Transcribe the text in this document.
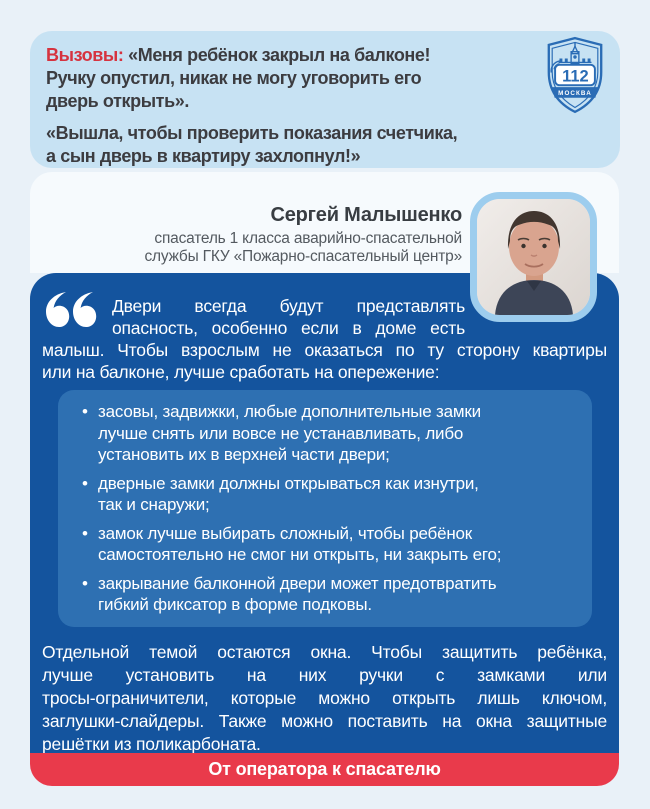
Вызовы: «Меня ребёнок закрыл на балконе!
Ручку опустил, никак не могу уговорить его
дверь открыть».

«Вышла, чтобы проверить показания счетчика,
а сын дверь в квартиру захлопнул!»

112
МОСКВА
Сергей Малышенко
спасатель 1 класса аварийно-спасательной
службы ГКУ «Пожарно-спасательный центр»
Двери всегда будут представлять
опасность, особенно если в доме есть
малыш. Чтобы взрослым не оказаться по ту сторону квартиры
или на балконе, лучше сработать на опережение:
• засовы, задвижки, любые дополнительные замки
лучше снять или вовсе не устанавливать, либо
установить их в верхней части двери;
• дверные замки должны открываться как изнутри,
так и снаружи;
• замок лучше выбирать сложный, чтобы ребёнок
самостоятельно не смог ни открыть, ни закрыть его;
• закрывание балконной двери может предотвратить
гибкий фиксатор в форме подковы.
Отдельной темой остаются окна. Чтобы защитить ребёнка,
лучше установить на них ручки с замками или
тросы-ограничители, которые можно открыть лишь ключом,
заглушки-слайдеры. Также можно поставить на окна защитные
решётки из поликарбоната.
От оператора к спасателю
